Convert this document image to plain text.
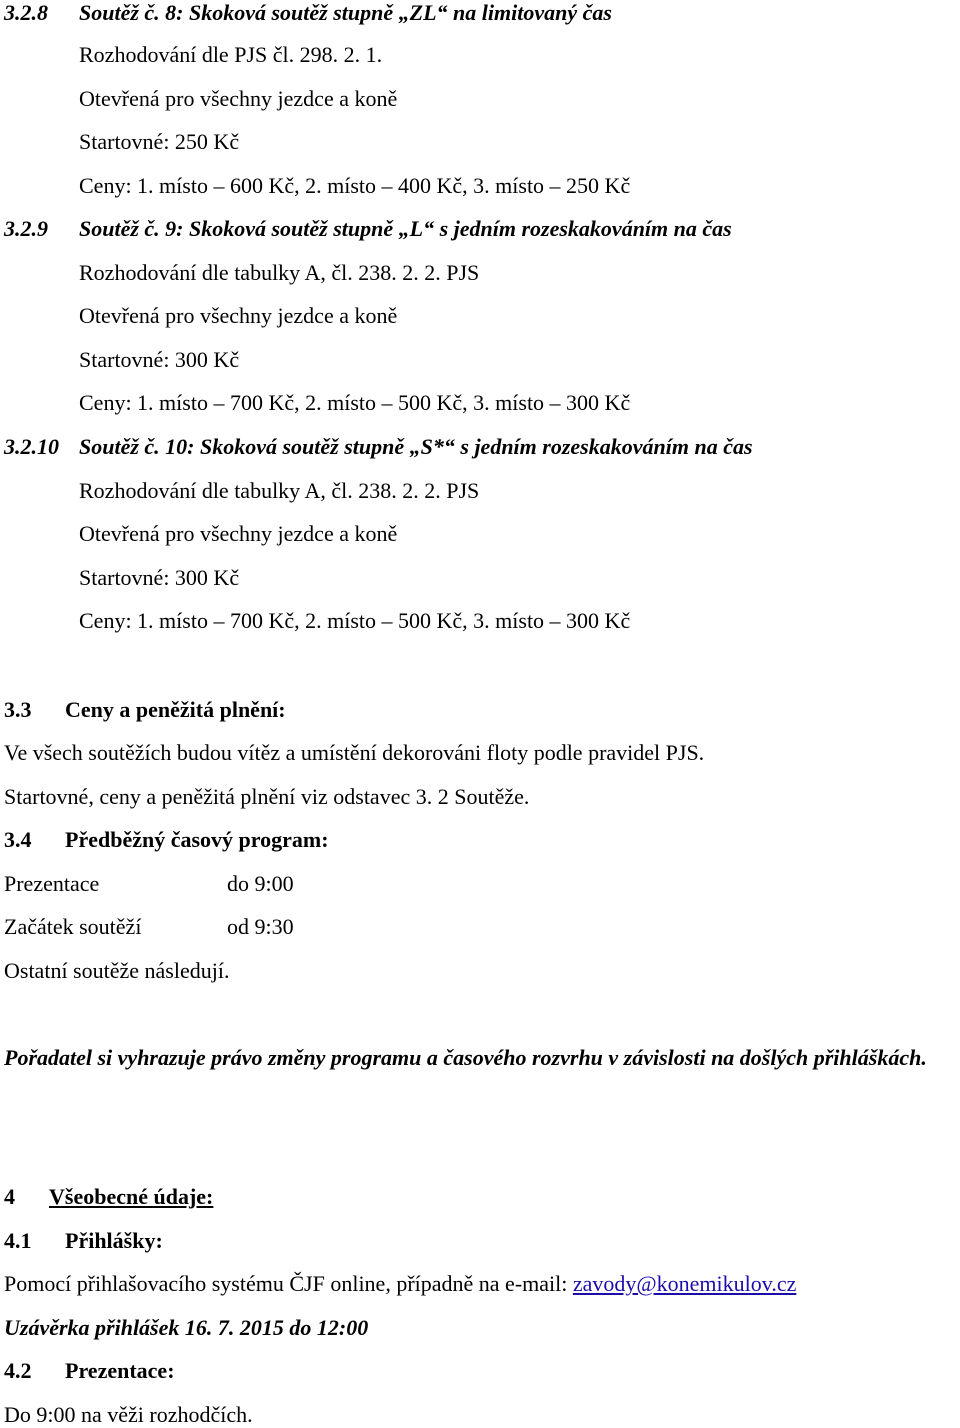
3.2.8 Soutěž č. 8: Skoková soutěž stupně „ZL“ na limitovaný čas
Rozhodování dle PJS čl. 298. 2. 1.
Otevřená pro všechny jezdce a koně
Startovné: 250 Kč
Ceny: 1. místo – 600 Kč, 2. místo – 400 Kč, 3. místo – 250 Kč
3.2.9 Soutěž č. 9: Skoková soutěž stupně „L“ s jedním rozeskakováním na čas
Rozhodování dle tabulky A, čl. 238. 2. 2. PJS
Otevřená pro všechny jezdce a koně
Startovné: 300 Kč
Ceny: 1. místo – 700 Kč, 2. místo – 500 Kč, 3. místo – 300 Kč
3.2.10 Soutěž č. 10: Skoková soutěž stupně „S*“ s jedním rozeskakováním na čas
Rozhodování dle tabulky A, čl. 238. 2. 2. PJS
Otevřená pro všechny jezdce a koně
Startovné: 300 Kč
Ceny: 1. místo – 700 Kč, 2. místo – 500 Kč, 3. místo – 300 Kč
3.3 Ceny a peněžitá plnění:
Ve všech soutěžích budou vítěz a umístění dekorováni floty podle pravidel PJS.
Startovné, ceny a peněžitá plnění viz odstavec 3. 2 Soutěže.
3.4 Předběžný časový program:
Prezentace	do 9:00
Začátek soutěží	od 9:30
Ostatní soutěže následují.
Pořadatel si vyhrazuje právo změny programu a časového rozvrhu v závislosti na došlých přihláškách.
4 Všeobecné údaje:
4.1 Přihlášky:
Pomocí přihlašovacího systému ČJF online, případně na e-mail: zavody@konemikulov.cz
Uzávěrka přihlášek 16. 7. 2015 do 12:00
4.2 Prezentace:
Do 9:00 na věži rozhodčích.
